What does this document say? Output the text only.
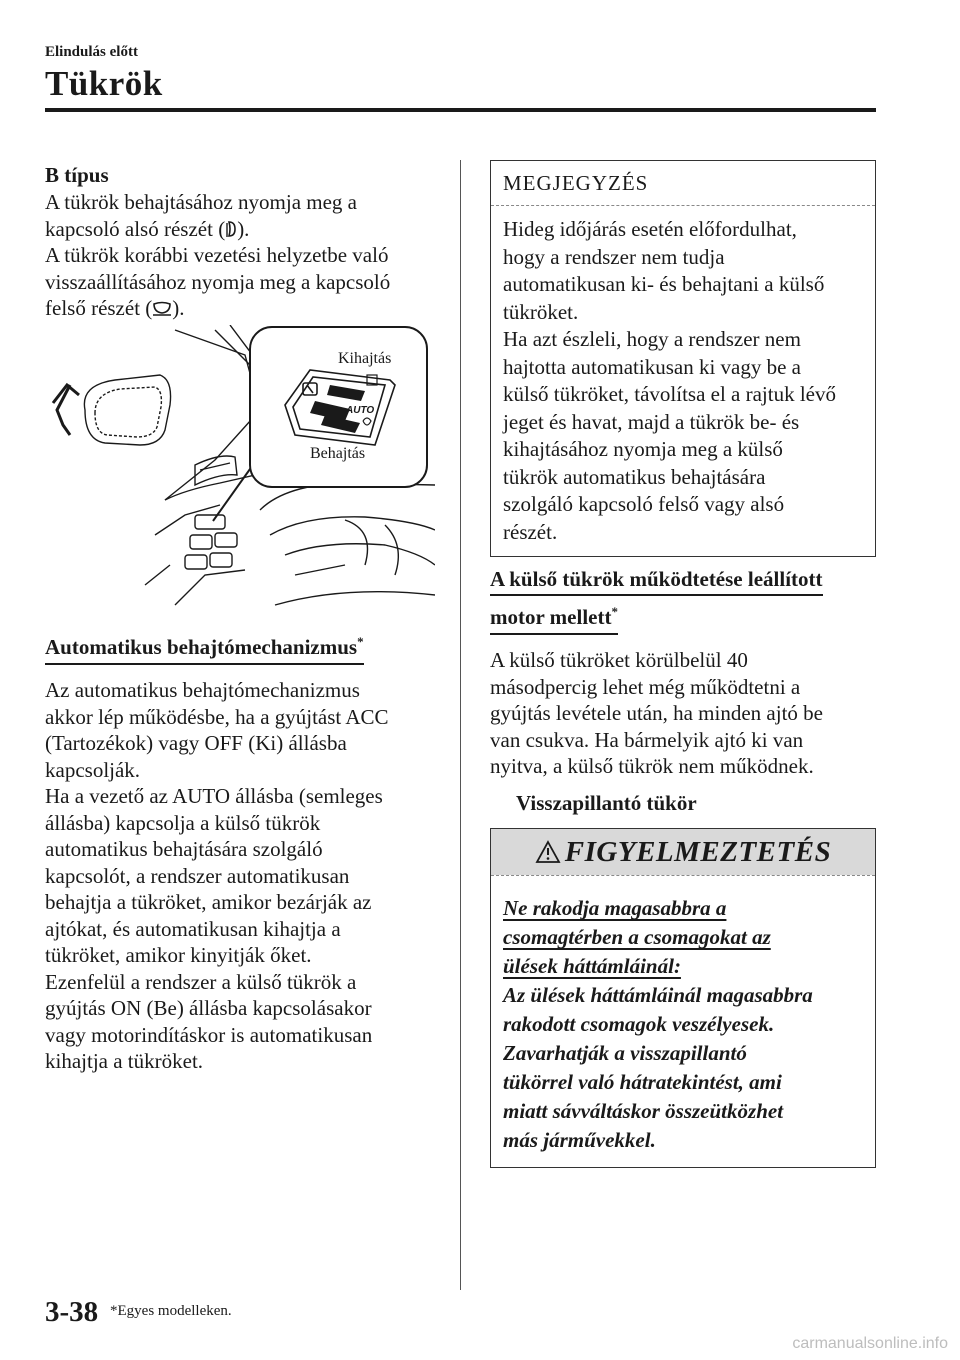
Elindulás előtt
Tükrök

B típus

A tükrök behajtásához nyomja meg a

kapcsoló alsó részét ( ).

A tükrök korábbi vezetési helyzetbe való

visszaállításához nyomja meg a kapcsoló

felső részét ( ).

AUTO
Kihajtás
Behajtás

Automatikus behajtómechanizmus*

Az automatikus behajtómechanizmus

akkor lép működésbe, ha a gyújtást ACC

(Tartozékok) vagy OFF (Ki) állásba

kapcsolják.

Ha a vezető az AUTO állásba (semleges

állásba) kapcsolja a külső tükrök

automatikus behajtására szolgáló

kapcsolót, a rendszer automatikusan

behajtja a tükröket, amikor bezárják az

ajtókat, és automatikusan kihajtja a

tükröket, amikor kinyitják őket.

Ezenfelül a rendszer a külső tükrök a

gyújtás ON (Be) állásba kapcsolásakor

vagy motorindításkor is automatikusan

kihajtja a tükröket.

MEGJEGYZÉS
Hideg időjárás esetén előfordulhat,
hogy a rendszer nem tudja
automatikusan ki- és behajtani a külső
tükröket.
Ha azt észleli, hogy a rendszer nem
hajtotta automatikusan ki vagy be a
külső tükröket, távolítsa el a rajtuk lévő
jeget és havat, majd a tükrök be- és
kihajtásához nyomja meg a külső
tükrök automatikus behajtására
szolgáló kapcsoló felső vagy alsó
részét.

A külső tükrök működtetése leállított

motor mellett*

A külső tükröket körülbelül 40

másodpercig lehet még működtetni a

gyújtás levétele után, ha minden ajtó be

van csukva. Ha bármelyik ajtó ki van

nyitva, a külső tükrök nem működnek.

Visszapillantó tükör

FIGYELMEZTETÉS
Ne rakodja magasabbra a
csomagtérben a csomagokat az
ülések háttámláinál:
Az ülések háttámláinál magasabbra
rakodott csomagok veszélyesek.
Zavarhatják a visszapillantó
tükörrel való hátratekintést, ami
miatt sávváltáskor összeütközhet
más járművekkel.
3-38 *Egyes modelleken.
carmanualsonline.info
